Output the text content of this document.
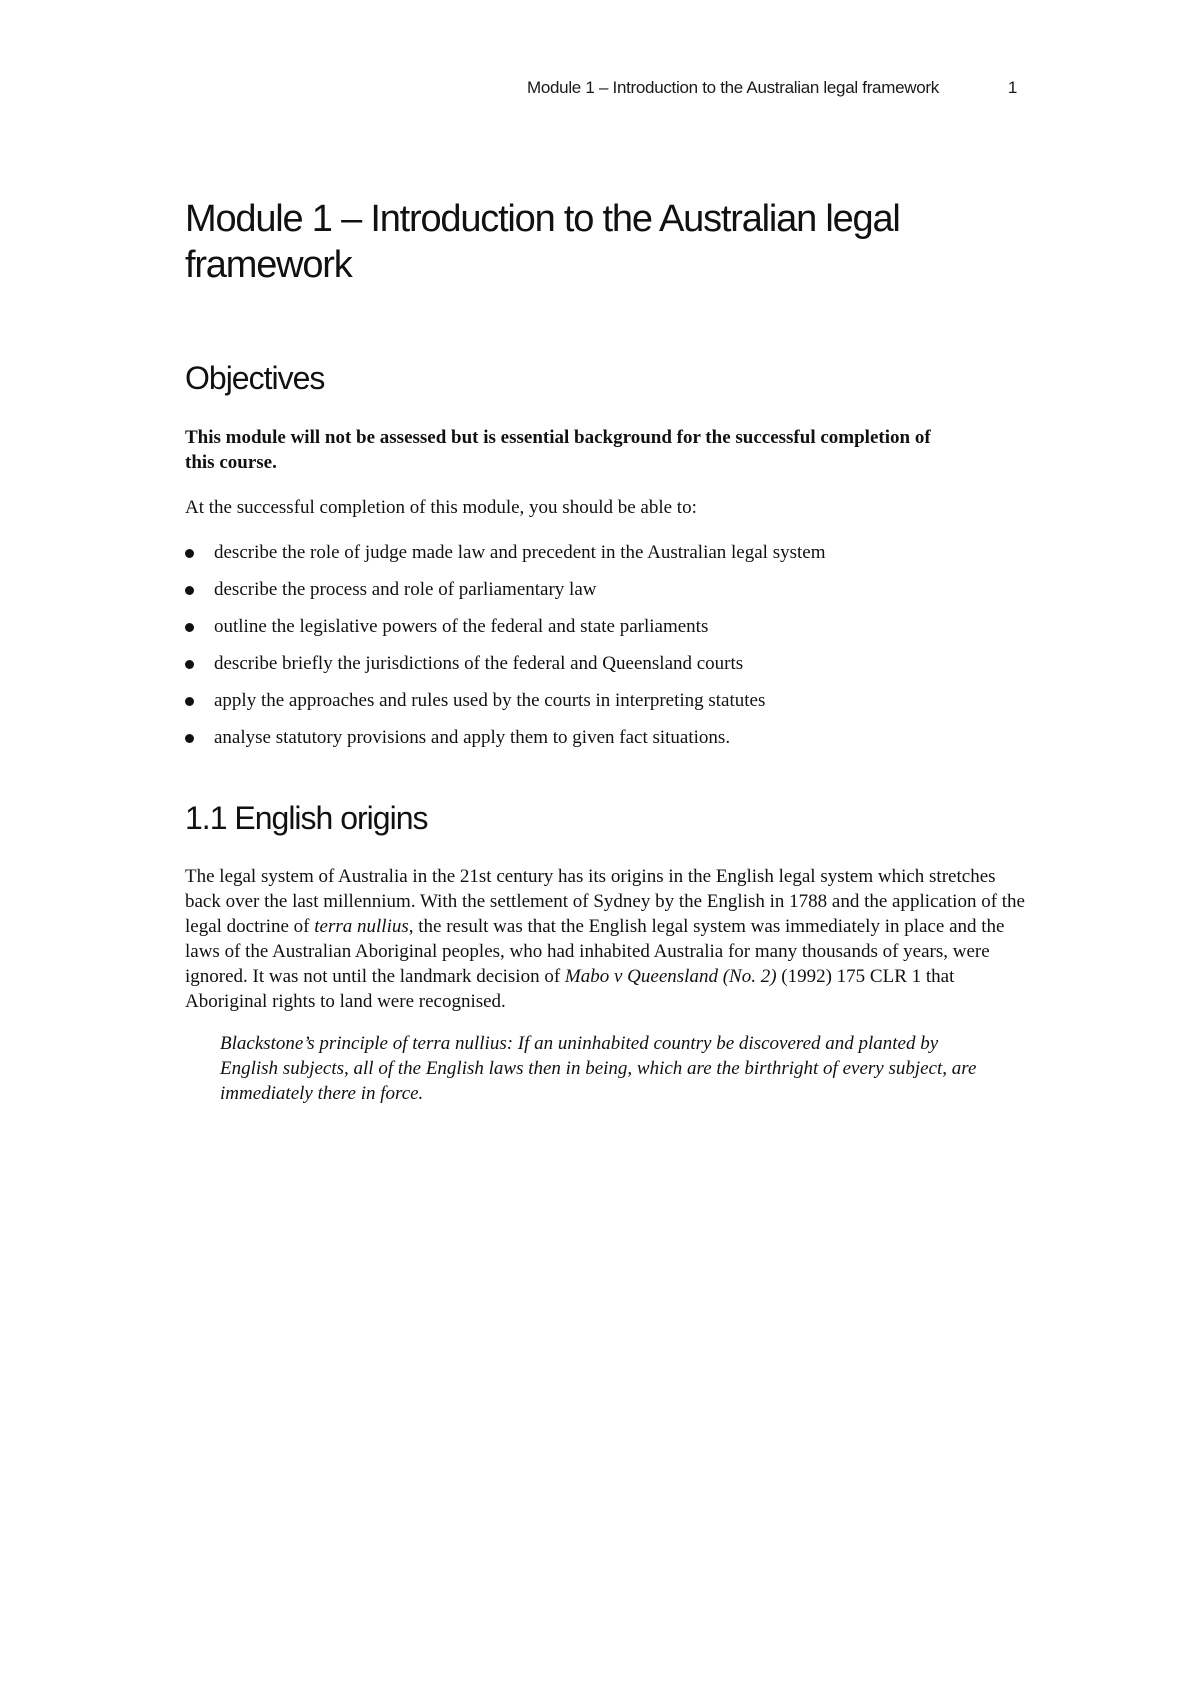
Module 1 – Introduction to the Australian legal framework	1
Module 1 – Introduction to the Australian legal framework
Objectives

This module will not be assessed but is essential background for the successful completion of this course.

At the successful completion of this module, you should be able to:

describe the role of judge made law and precedent in the Australian legal system
describe the process and role of parliamentary law
outline the legislative powers of the federal and state parliaments
describe briefly the jurisdictions of the federal and Queensland courts
apply the approaches and rules used by the courts in interpreting statutes
analyse statutory provisions and apply them to given fact situations.
1.1 English origins

The legal system of Australia in the 21st century has its origins in the English legal system which stretches back over the last millennium. With the settlement of Sydney by the English in 1788 and the application of the legal doctrine of terra nullius, the result was that the English legal system was immediately in place and the laws of the Australian Aboriginal peoples, who had inhabited Australia for many thousands of years, were ignored. It was not until the landmark decision of Mabo v Queensland (No. 2) (1992) 175 CLR 1 that Aboriginal rights to land were recognised.

Blackstone’s principle of terra nullius: If an uninhabited country be discovered and planted by English subjects, all of the English laws then in being, which are the birthright of every subject, are immediately there in force.
